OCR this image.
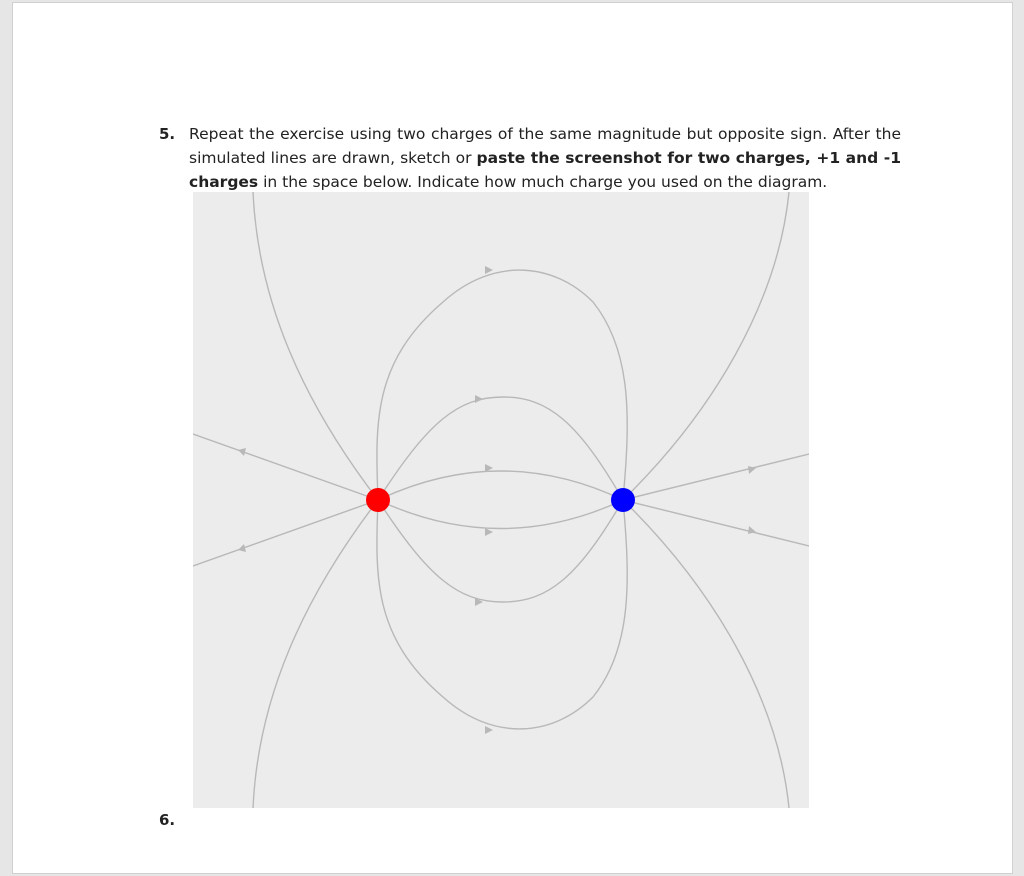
5. Repeat the exercise using two charges of the same magnitude but opposite sign. After the simulated lines are drawn, sketch or paste the screenshot for two charges, +1 and -1 charges in the space below. Indicate how much charge you used on the diagram.

6.
